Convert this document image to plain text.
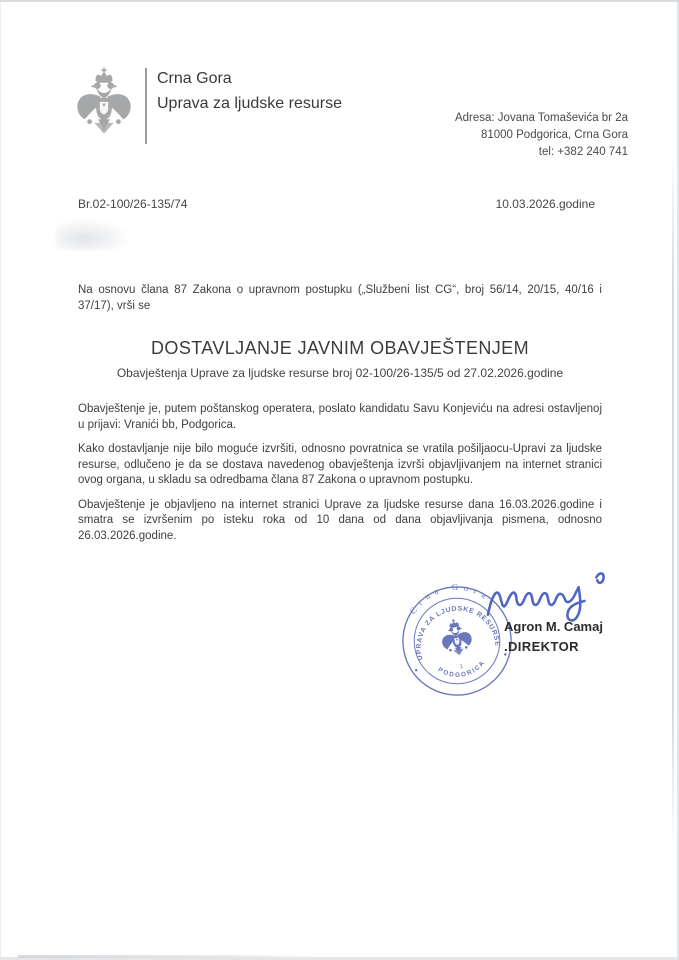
Crna Gora
Uprava za ljudske resurse
Adresa: Jovana Tomaševića br 2a
81000 Podgorica, Crna Gora
tel: +382 240 741
Br.02-100/26-135/74	10.03.2026.godine
Na osnovu člana 87 Zakona o upravnom postupku („Službeni list CG“, broj 56/14, 20/15, 40/16 i 37/17), vrši se
DOSTAVLJANJE JAVNIM OBAVJEŠTENJEM
Obavještenja Uprave za ljudske resurse broj 02-100/26-135/5 od 27.02.2026.godine

Obavještenje je, putem poštanskog operatera, poslato kandidatu Savu Konjeviću na adresi ostavljenoj u prijavi: Vranići bb, Podgorica.

Kako dostavljanje nije bilo moguće izvršiti, odnosno povratnica se vratila pošiljaocu-Upravi za ljudske resurse, odlučeno je da se dostava navedenog obavještenja izvrši objavljivanjem na internet stranici ovog organa, u skladu sa odredbama člana 87 Zakona o upravnom postupku.

Obavještenje je objavljeno na internet stranici Uprave za ljudske resurse dana 16.03.2026.godine i smatra se izvršenim po isteku roka od 10 dana od dana objavljivanja pismena, odnosno 26.03.2026.godine.

Crna Gora
UPRAVA ZA LJUDSKE RESURSE
PODGORICA
1
Agron M. Camaj
.DIREKTOR
